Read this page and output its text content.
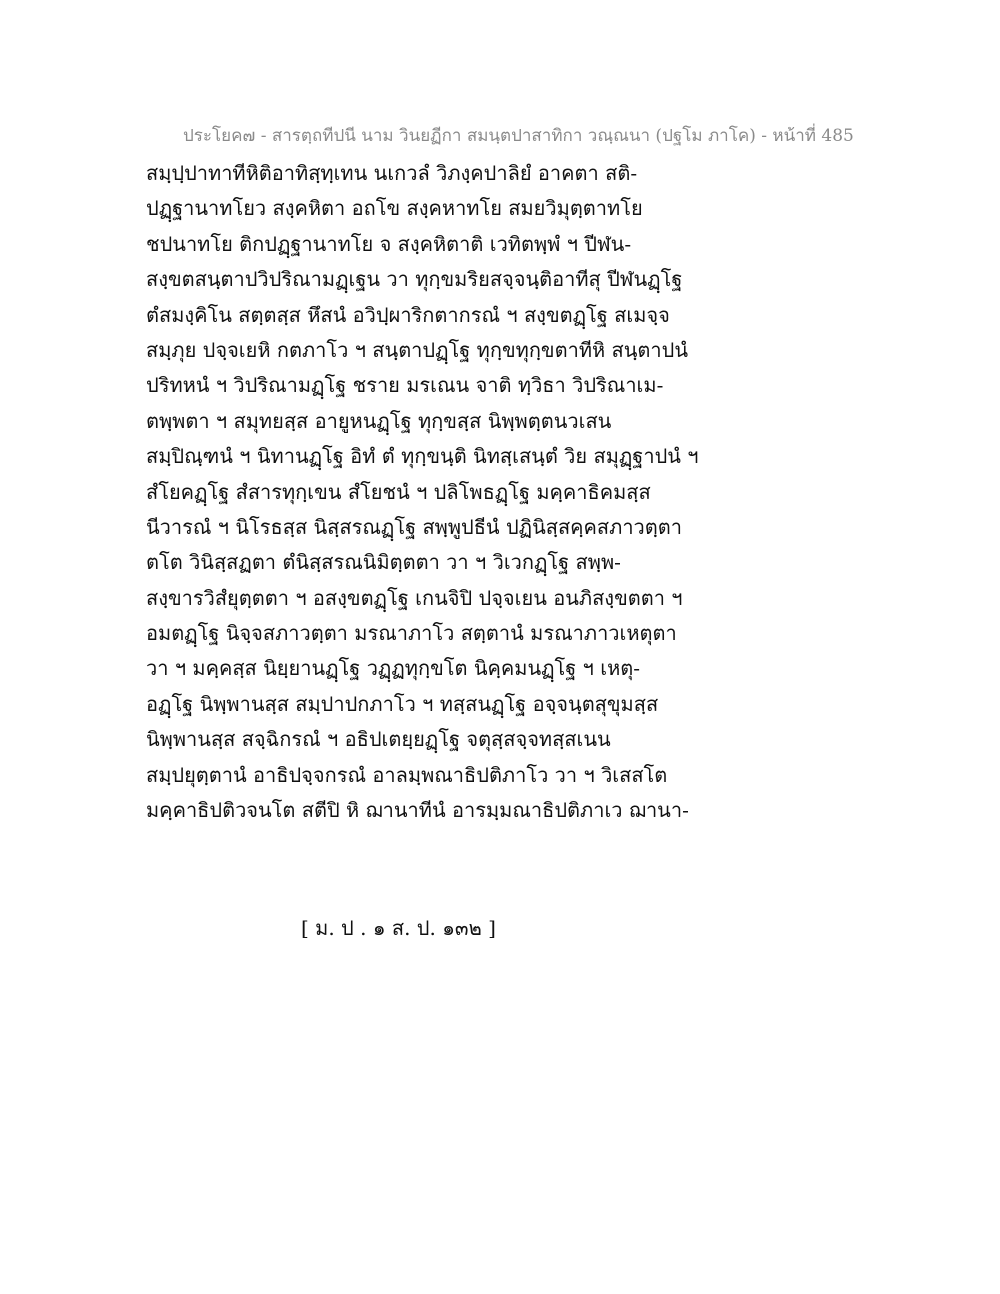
ประโยค๗ - สารตฺถทีปนี นาม วินยฏีกา สมนฺตปาสาทิกา วณฺณนา (ปฐโม ภาโค) - หน้าที่ 485
สมฺปฺปาทาทีหิติอาทิสฺทฺเทน นเกวลํ วิภงฺคปาลิยํ อาคตา สติ-
ปฏฺฐานาทโยว สงฺคหิตา อถโข สงฺคหาทโย สมยวิมุตฺตาทโย
ชปนาทโย ติกปฏฺฐานาทโย จ สงฺคหิตาติ เวทิตพฺพํ ฯ ปีฬน-
สงฺขตสนฺตาปวิปริณามฏฺเฐน วา ทุกฺขมริยสจฺจนฺติอาทีสุ ปีฬนฏฺโฐ
ตํสมงฺคิโน สตฺตสฺส หึสนํ อวิปฺผาริกตากรณํ ฯ สงฺขตฏฺโฐ สเมจฺจ
สมฺภุย ปจฺจเยหิ กตภาโว ฯ สนฺตาปฏฺโฐ ทุกฺขทุกฺขตาทีหิ สนฺตาปนํ
ปริทหนํ ฯ วิปริณามฏฺโฐ ชราย มรเณน จาติ ทฺวิธา วิปริณาเม-
ตพฺพตา ฯ สมุทยสฺส อายูหนฏฺโฐ ทุกฺขสฺส นิพฺพตฺตนวเสน
สมฺปิณฺฑนํ ฯ นิทานฏฺโฐ อิทํ ตํ ทุกฺขนฺติ นิทสฺเสนฺตํ วิย สมุฏฺฐาปนํ ฯ
สํโยคฏฺโฐ สํสารทุกฺเขน สํโยชนํ ฯ ปลิโพธฏฺโฐ มคฺคาธิคมสฺส
นีวารณํ ฯ นิโรธสฺส นิสฺสรณฏฺโฐ สพฺพูปธีนํ ปฏินิสฺสคฺคสภาวตฺตา
ตโต วินิสฺสฏตา ตํนิสฺสรณนิมิตฺตตา วา ฯ วิเวกฏฺโฐ สพฺพ-
สงฺขารวิสํยุตฺตตา ฯ อสงฺขตฏฺโฐ เกนจิปิ ปจฺจเยน อนภิสงฺขตตา ฯ
อมตฏฺโฐ นิจฺจสภาวตฺตา มรณาภาโว สตฺตานํ มรณาภาวเหตุตา
วา ฯ มคฺคสฺส นิยฺยานฏฺโฐ วฏฺฏทุกฺขโต นิคฺคมนฏฺโฐ ฯ เหตุ-
อฏฺโฐ นิพฺพานสฺส สมฺปาปกภาโว ฯ ทสฺสนฏฺโฐ อจฺจนฺตสุขุมสฺส
นิพฺพานสฺส สจฺฉิกรณํ ฯ อธิปเตยฺยฏฺโฐ จตุสฺสจฺจทสฺสเนน
สมฺปยุตฺตานํ อาธิปจฺจกรณํ อาลมฺพณาธิปติภาโว วา ฯ วิเสสโต
มคฺคาธิปติวจนโต สตีปิ หิ ฌานาทีนํ อารมฺมณาธิปติภาเว ฌานา-
[ ม. ป . ๑ ส. ป. ๑๓๒ ]
